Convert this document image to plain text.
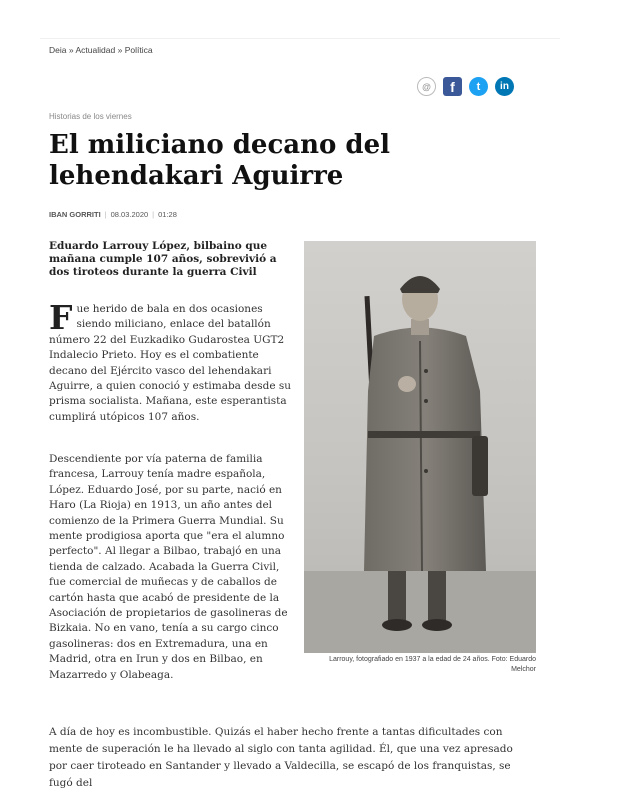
Deia » Actualidad » Política
@	f	t	in
Historias de los viernes
El miliciano decano del lehendakari Aguirre
IBAN GORRITI | 08.03.2020 | 01:28

Eduardo Larrouy López, bilbaino que mañana cumple 107 años, sobrevivió a dos tiroteos durante la guerra Civil

Fue herido de bala en dos ocasiones siendo miliciano, enlace del batallón número 22 del Euzkadiko Gudarostea UGT2 Indalecio Prieto. Hoy es el combatiente decano del Ejército vasco del lehendakari Aguirre, a quien conoció y estimaba desde su prisma socialista. Mañana, este esperantista cumplirá utópicos 107 años.

Descendiente por vía paterna de familia francesa, Larrouy tenía madre española, López. Eduardo José, por su parte, nació en Haro (La Rioja) en 1913, un año antes del comienzo de la Primera Guerra Mundial. Su mente prodigiosa aporta que "era el alumno perfecto". Al llegar a Bilbao, trabajó en una tienda de calzado. Acabada la Guerra Civil, fue comercial de muñecas y de caballos de cartón hasta que acabó de presidente de la Asociación de propietarios de gasolineras de Bizkaia. No en vano, tenía a su cargo cinco gasolineras: dos en Extremadura, una en Madrid, otra en Irun y dos en Bilbao, en Mazarredo y Olabeaga.

Larrouy, fotografiado en 1937 a la edad de 24 años. Foto: Eduardo Melchor

A día de hoy es incombustible. Quizás el haber hecho frente a tantas dificultades con mente de superación le ha llevado al siglo con tanta agilidad. Él, que una vez apresado por caer tiroteado en Santander y llevado a Valdecilla, se escapó de los franquistas, se fugó del
